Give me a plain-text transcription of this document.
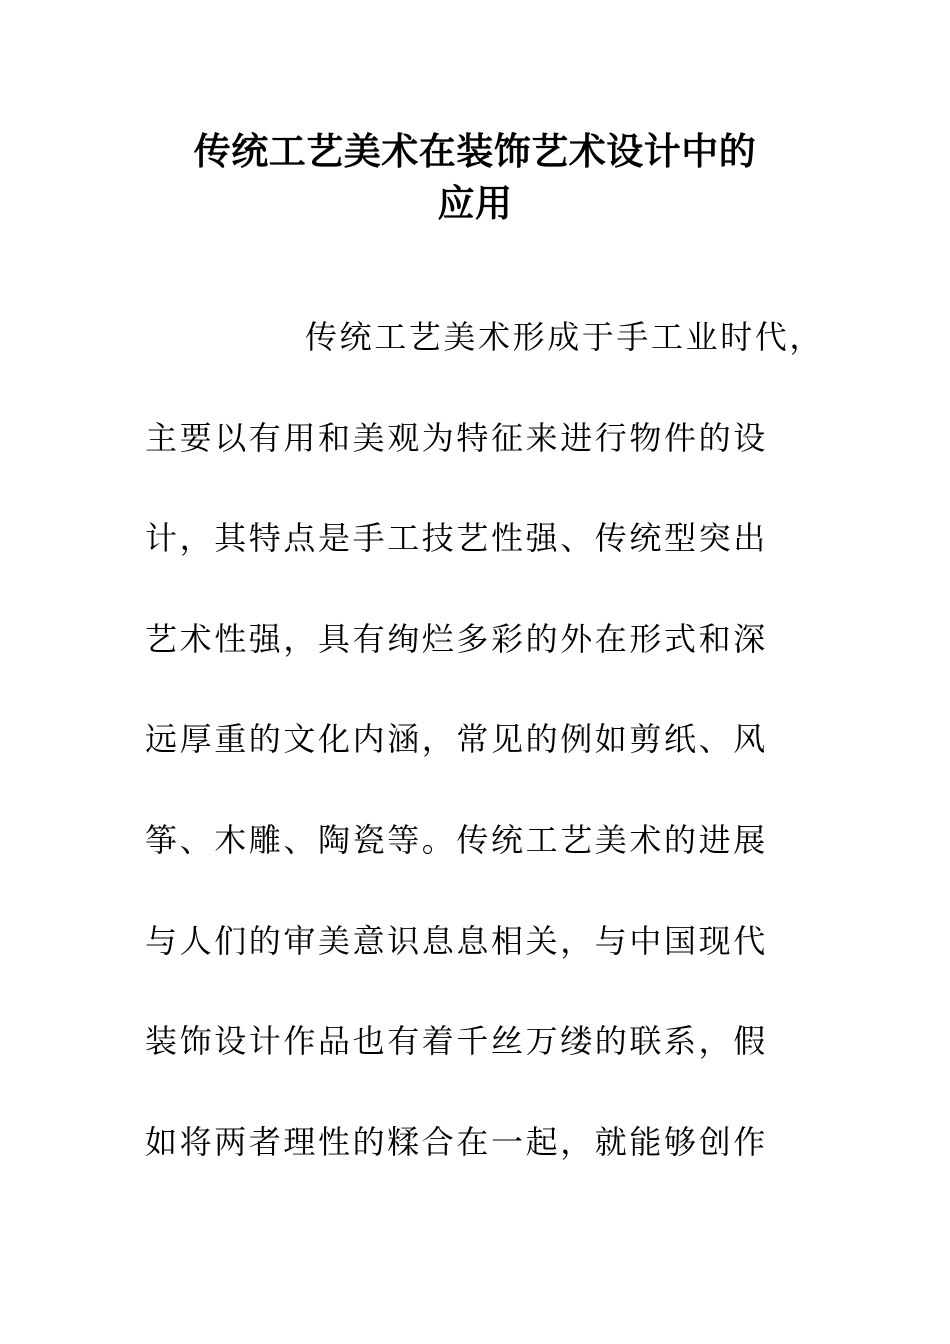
传统工艺美术在装饰艺术设计中的
应用
传统工艺美术形成于手工业时代，
主要以有用和美观为特征来进行物件的设
计，其特点是手工技艺性强、传统型突出
艺术性强，具有绚烂多彩的外在形式和深
远厚重的文化内涵，常见的例如剪纸、风
筝、木雕、陶瓷等。传统工艺美术的进展
与人们的审美意识息息相关，与中国现代
装饰设计作品也有着千丝万缕的联系，假
如将两者理性的糅合在一起，就能够创作
